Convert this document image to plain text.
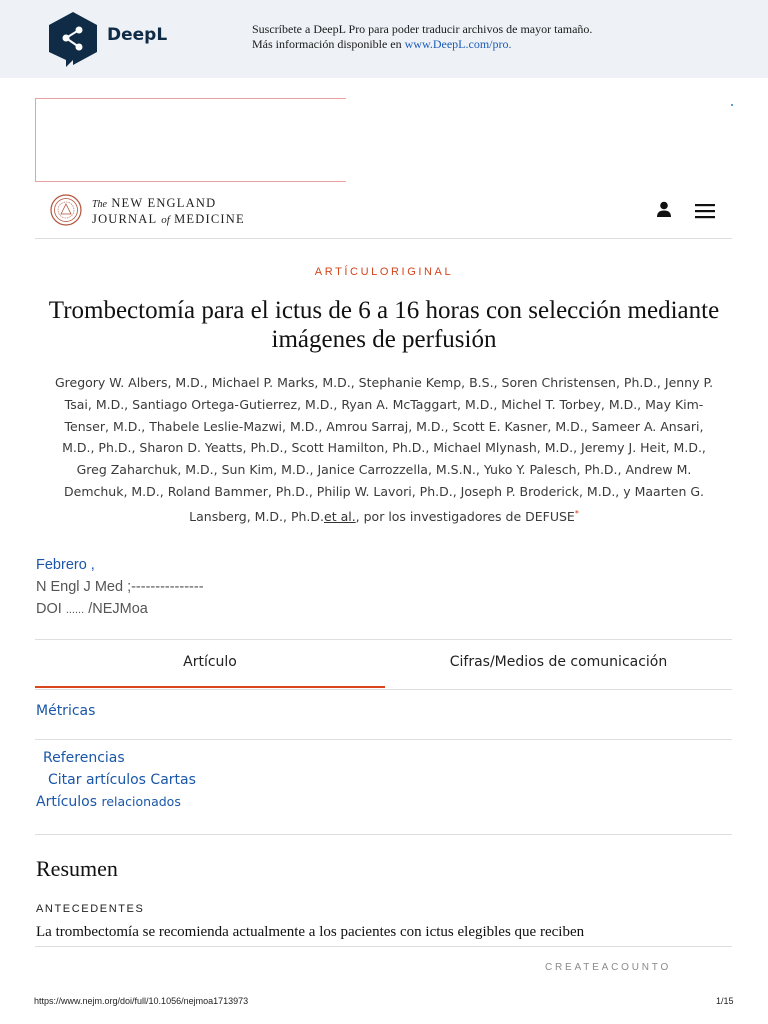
DeepL	Suscríbete a DeepL Pro para poder traducir archivos de mayor tamaño.
Más información disponible en www.DeepL.com/pro.
The NEW ENGLAND
JOURNAL of MEDICINE
ARTÍCULORIGINAL
Trombectomía para el ictus de 6 a 16 horas con selección mediante imágenes de perfusión
Gregory W. Albers, M.D., Michael P. Marks, M.D., Stephanie Kemp, B.S., Soren Christensen, Ph.D., Jenny P. Tsai, M.D., Santiago Ortega-Gutierrez, M.D., Ryan A. McTaggart, M.D., Michel T. Torbey, M.D., May Kim-Tenser, M.D., Thabele Leslie-Mazwi, M.D., Amrou Sarraj, M.D., Scott E. Kasner, M.D., Sameer A. Ansari, M.D., Ph.D., Sharon D. Yeatts, Ph.D., Scott Hamilton, Ph.D., Michael Mlynash, M.D., Jeremy J. Heit, M.D., Greg Zaharchuk, M.D., Sun Kim, M.D., Janice Carrozzella, M.S.N., Yuko Y. Palesch, Ph.D., Andrew M. Demchuk, M.D., Roland Bammer, Ph.D., Philip W. Lavori, Ph.D., Joseph P. Broderick, M.D., y Maarten G. Lansberg, M.D., Ph.D.et al., por los investigadores de DEFUSE*
Febrero ,
N Engl J Med ;---------------
DOI ...... /NEJMoa
Artículo	Cifras/Medios de comunicación
Métricas
Referencias
Citar artículos Cartas
Artículos relacionados
Resumen
ANTECEDENTES
La trombectomía se recomienda actualmente a los pacientes con ictus elegibles que reciben
CREATEACOUNTO
https://www.nejm.org/doi/full/10.1056/nejmoa1713973	1/15
